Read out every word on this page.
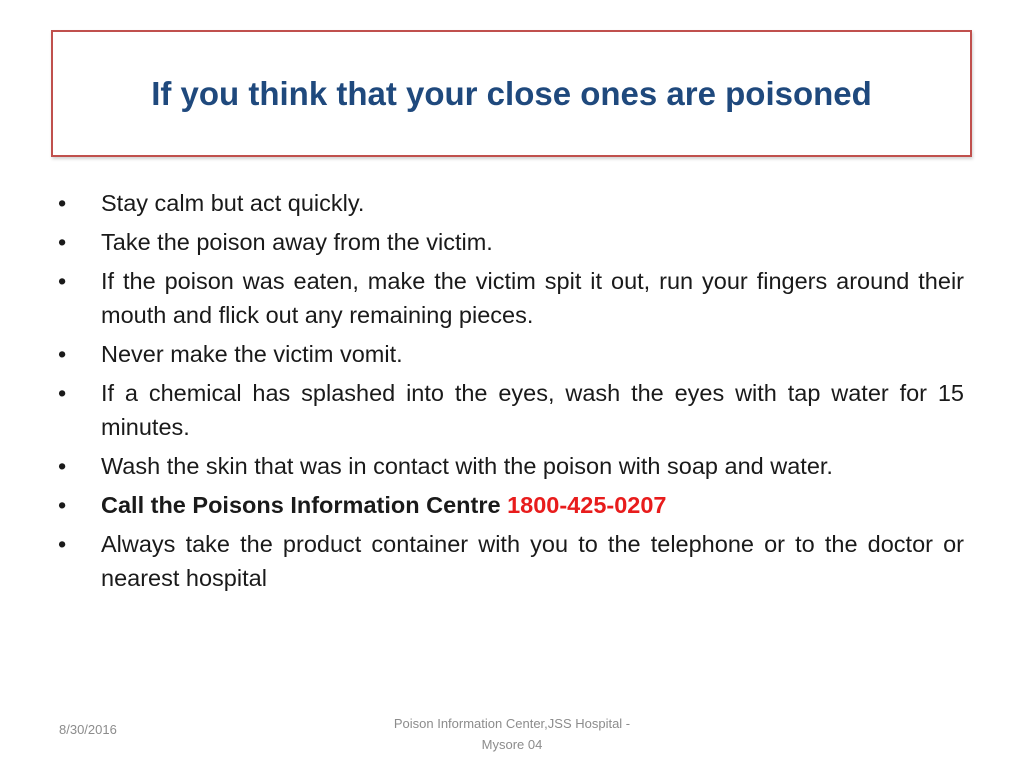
If you think that your close ones are poisoned
• Stay calm but act quickly.
• Take the poison away from the victim.
• If the poison was eaten, make the victim spit it out, run your fingers around their mouth and flick out any remaining pieces.
• Never make the victim vomit.
• If a chemical has splashed into the eyes, wash the eyes with tap water for 15 minutes.
• Wash the skin that was in contact with the poison with soap and water.
• Call the Poisons Information Centre 1800-425-0207
• Always take the product container with you to the telephone or to the doctor or nearest hospital
8/30/2016	Poison Information Center,JSS Hospital -
Mysore 04
